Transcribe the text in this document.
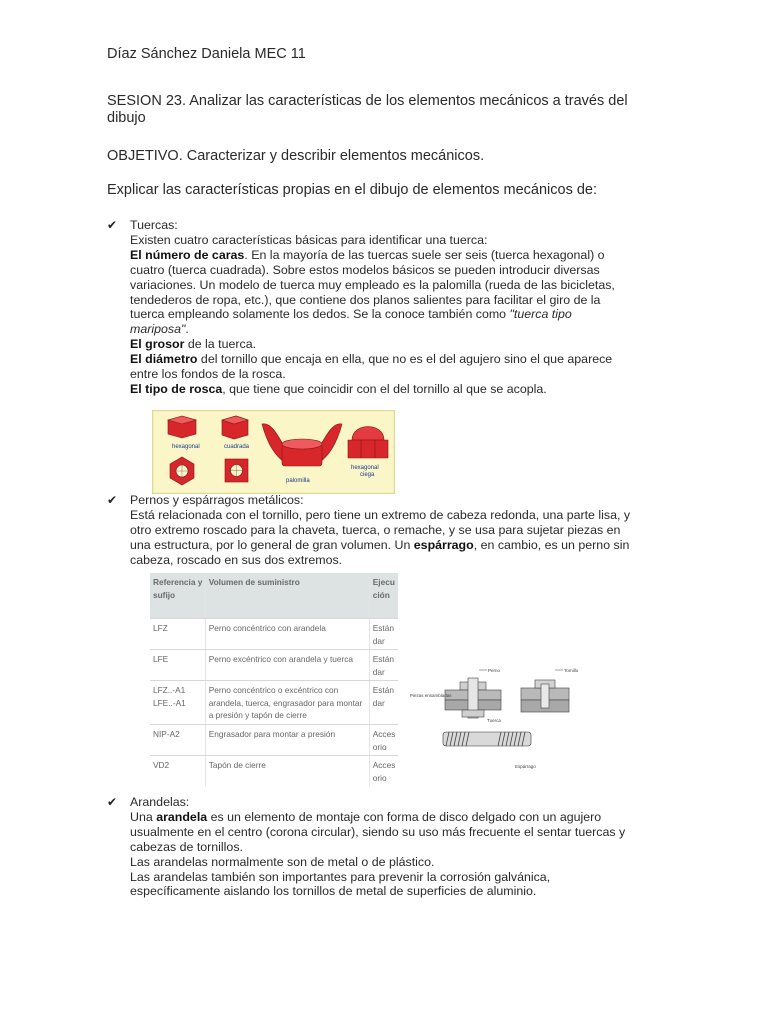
Díaz Sánchez Daniela MEC 11
SESION 23. Analizar las características de los elementos mecánicos a través del dibujo
OBJETIVO. Caracterizar y describir elementos mecánicos.
Explicar las características propias en el dibujo de elementos mecánicos de:
✔ Tuercas:
Existen cuatro características básicas para identificar una tuerca:
El número de caras. En la mayoría de las tuercas suele ser seis (tuerca hexagonal) o
cuatro (tuerca cuadrada). Sobre estos modelos básicos se pueden introducir diversas
variaciones. Un modelo de tuerca muy empleado es la palomilla (rueda de las bicicletas,
tendederos de ropa, etc.), que contiene dos planos salientes para facilitar el giro de la
tuerca empleando solamente los dedos. Se la conoce también como "tuerca tipo
mariposa".
El grosor de la tuerca.
El diámetro del tornillo que encaja en ella, que no es el del agujero sino el que aparece
entre los fondos de la rosca.
El tipo de rosca, que tiene que coincidir con el del tornillo al que se acopla.
hexagonal	cuadrada
palomilla
hexagonal
ciega
✔ Pernos y espárragos metálicos:
Está relacionada con el tornillo, pero tiene un extremo de cabeza redonda, una parte lisa, y
otro extremo roscado para la chaveta, tuerca, o remache, y se usa para sujetar piezas en
una estructura, por lo general de gran volumen. Un espárrago, en cambio, es un perno sin
cabeza, roscado en sus dos extremos.
Referencia y sufijo	Volumen de suministro	Ejecución
LFZ	Perno concéntrico con arandela	Estándar
LFE	Perno excéntrico con arandela y tuerca	Estándar
LFZ..-A1 LFE..-A1	Perno concéntrico o excéntrico con arandela, tuerca, engrasador para montar a presión y tapón de cierre	Estándar
NIP-A2	Engrasador para montar a presión	Accesorio
VD2	Tapón de cierre	Accesorio
Perno	Tornillo
Piezas ensambladas
Tuerca
Espárrago
✔ Arandelas:
Una arandela es un elemento de montaje con forma de disco delgado con un agujero
usualmente en el centro (corona circular), siendo su uso más frecuente el sentar tuercas y
cabezas de tornillos.
Las arandelas normalmente son de metal o de plástico.
Las arandelas también son importantes para prevenir la corrosión galvánica,
específicamente aislando los tornillos de metal de superficies de aluminio.
